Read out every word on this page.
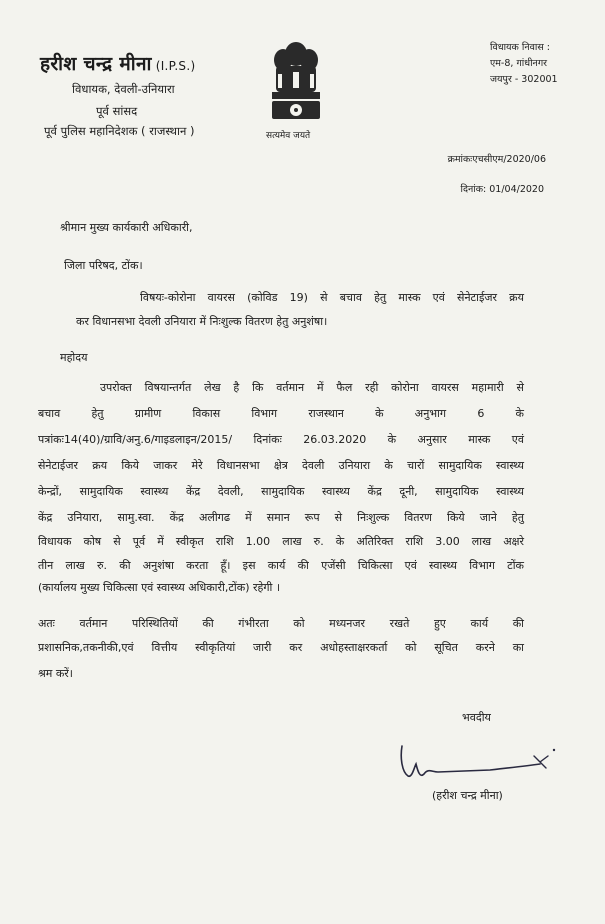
हरीश चन्द्र मीना (I.P.S.)
विधायक, देवली-उनियारा
पूर्व सांसद
पूर्व पुलिस महानिदेशक ( राजस्थान )	सत्यमेव जयते
विधायक निवास :
एम-8, गांधीनगर
जयपुर - 302001
क्रमांकःएचसीएम/2020/06
दिनांक: 01/04/2020
श्रीमान मुख्य कार्यकारी अधिकारी,
जिला परिषद, टोंक।
विषयः-कोरोना वायरस (कोविड 19) से बचाव हेतु मास्क एवं सेनेटाईजर क्रय
कर विधानसभा देवली उनियारा में निःशुल्क वितरण हेतु अनुशंषा।
महोदय
उपरोक्त विषयान्तर्गत लेख है कि वर्तमान में फैल रही कोरोना वायरस महामारी से
बचाव हेतु ग्रामीण विकास विभाग राजस्थान के अनुभाग 6 के
पत्रांकः14(40)/ग्रावि/अनु.6/गाइडलाइन/2015/ दिनांकः 26.03.2020 के अनुसार मास्क एवं
सेनेटाईजर क्रय किये जाकर मेरे विधानसभा क्षेत्र देवली उनियारा के चारों सामुदायिक स्वास्थ्य
केन्द्रों, सामुदायिक स्वास्थ्य केंद्र देवली, सामुदायिक स्वास्थ्य केंद्र दूनी, सामुदायिक स्वास्थ्य
केंद्र उनियारा, सामु.स्वा. केंद्र अलीगढ में समान रूप से निःशुल्क वितरण किये जाने हेतु
विधायक कोष से पूर्व में स्वीकृत राशि 1.00 लाख रु. के अतिरिक्त राशि 3.00 लाख अक्षरे
तीन लाख रु. की अनुशंषा करता हूँ। इस कार्य की एजेंसी चिकित्सा एवं स्वास्थ्य विभाग टोंक
(कार्यालय मुख्य चिकित्सा एवं स्वास्थ्य अधिकारी,टोंक) रहेगी ।
अतः वर्तमान परिस्थितियों की गंभीरता को मध्यनजर रखते हुए कार्य की
प्रशासनिक,तकनीकी,एवं वित्तीय स्वीकृतियां जारी कर अधोहस्ताक्षरकर्ता को सूचित करने का
श्रम करें।
भवदीय
(हरीश चन्द्र मीना)
